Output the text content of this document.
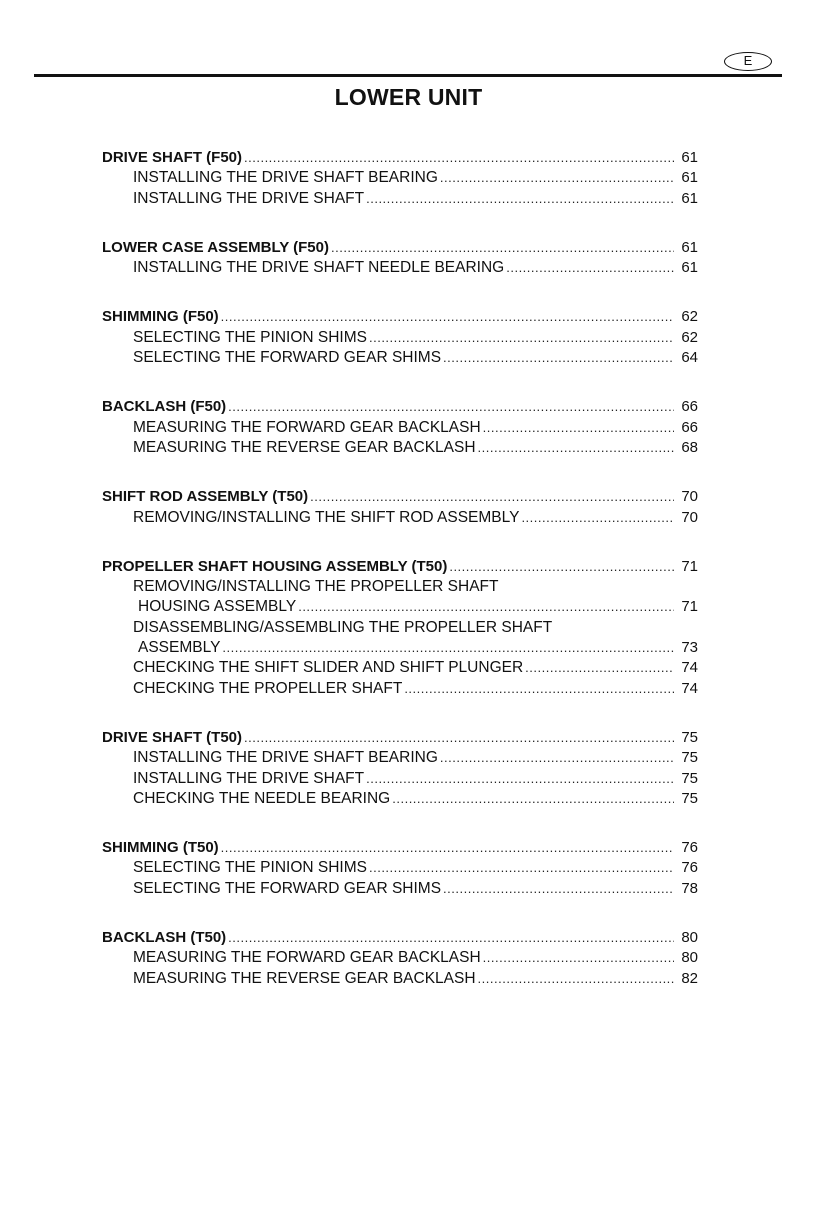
E
LOWER UNIT
DRIVE SHAFT (F50) .....	61
INSTALLING THE DRIVE SHAFT BEARING .....	61
INSTALLING THE DRIVE SHAFT .....	61
LOWER CASE ASSEMBLY (F50) .....	61
INSTALLING THE DRIVE SHAFT NEEDLE BEARING .....	61
SHIMMING (F50) .....	62
SELECTING THE PINION SHIMS .....	62
SELECTING THE FORWARD GEAR SHIMS .....	64
BACKLASH (F50) .....	66
MEASURING THE FORWARD GEAR BACKLASH .....	66
MEASURING THE REVERSE GEAR BACKLASH .....	68
SHIFT ROD ASSEMBLY (T50) .....	70
REMOVING/INSTALLING THE SHIFT ROD ASSEMBLY .....	70
PROPELLER SHAFT HOUSING ASSEMBLY (T50) .....	71
REMOVING/INSTALLING THE PROPELLER SHAFT
HOUSING ASSEMBLY .....	71
DISASSEMBLING/ASSEMBLING THE PROPELLER SHAFT
ASSEMBLY .....	73
CHECKING THE SHIFT SLIDER AND SHIFT PLUNGER .....	74
CHECKING THE PROPELLER SHAFT .....	74
DRIVE SHAFT (T50) .....	75
INSTALLING THE DRIVE SHAFT BEARING .....	75
INSTALLING THE DRIVE SHAFT .....	75
CHECKING THE NEEDLE BEARING .....	75
SHIMMING (T50) .....	76
SELECTING THE PINION SHIMS .....	76
SELECTING THE FORWARD GEAR SHIMS .....	78
BACKLASH (T50) .....	80
MEASURING THE FORWARD GEAR BACKLASH .....	80
MEASURING THE REVERSE GEAR BACKLASH .....	82
